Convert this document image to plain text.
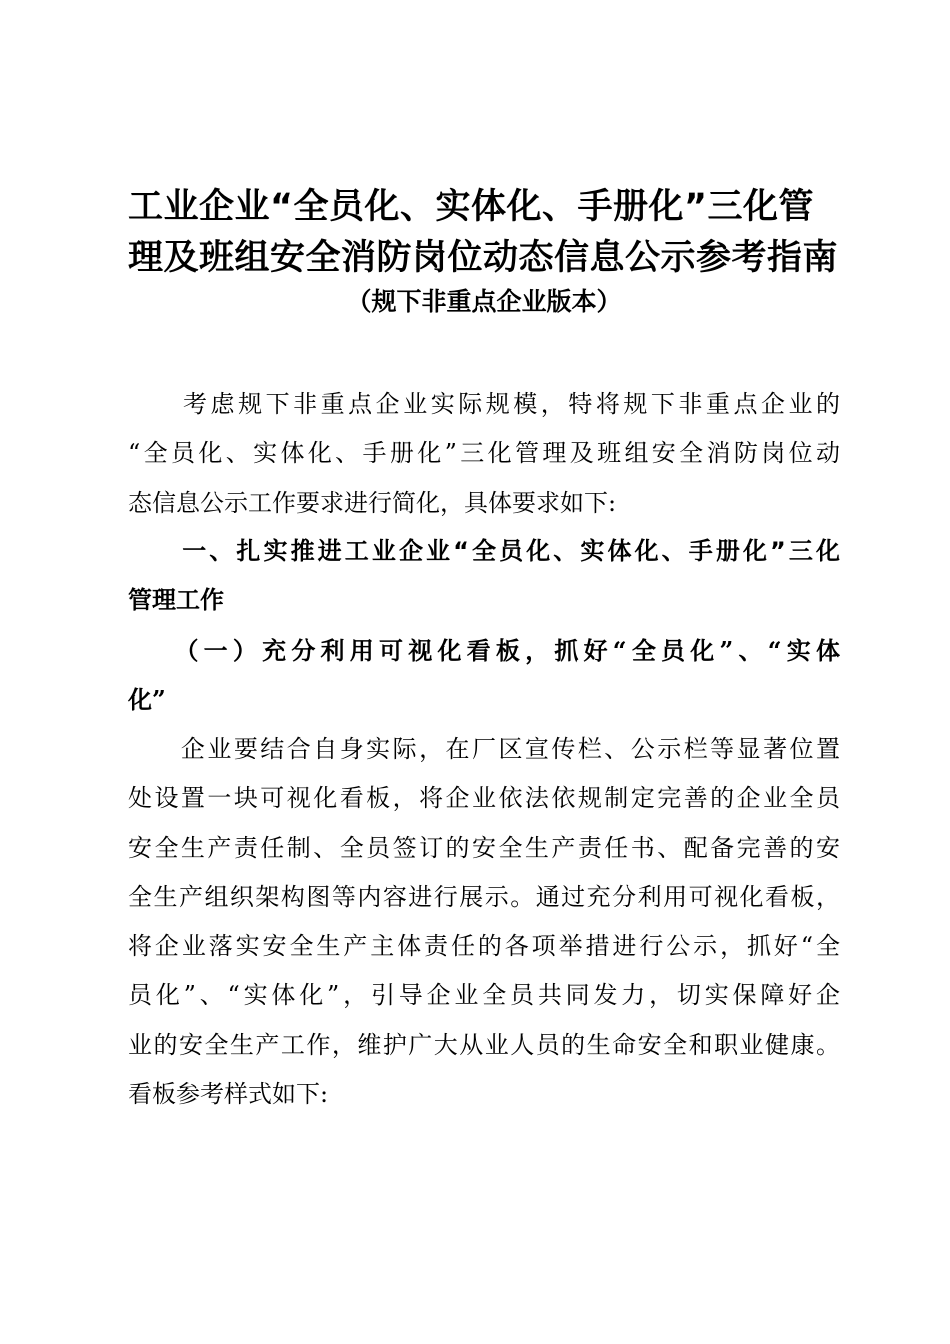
工业企业“全员化、实体化、手册化”三化管
理及班组安全消防岗位动态信息公示参考指南
（规下非重点企业版本）
　　考虑规下非重点企业实际规模，特将规下非重点企业的
“全员化、实体化、手册化”三化管理及班组安全消防岗位动
态信息公示工作要求进行简化，具体要求如下:
　　一、扎实推进工业企业“全员化、实体化、手册化”三化
管理工作
　　（一）充分利用可视化看板，抓好“全员化”、“实体
化”
　　企业要结合自身实际，在厂区宣传栏、公示栏等显著位置
处设置一块可视化看板，将企业依法依规制定完善的企业全员
安全生产责任制、全员签订的安全生产责任书、配备完善的安
全生产组织架构图等内容进行展示。通过充分利用可视化看板，
将企业落实安全生产主体责任的各项举措进行公示，抓好“全
员化”、“实体化”，引导企业全员共同发力，切实保障好企
业的安全生产工作，维护广大从业人员的生命安全和职业健康。
看板参考样式如下:
